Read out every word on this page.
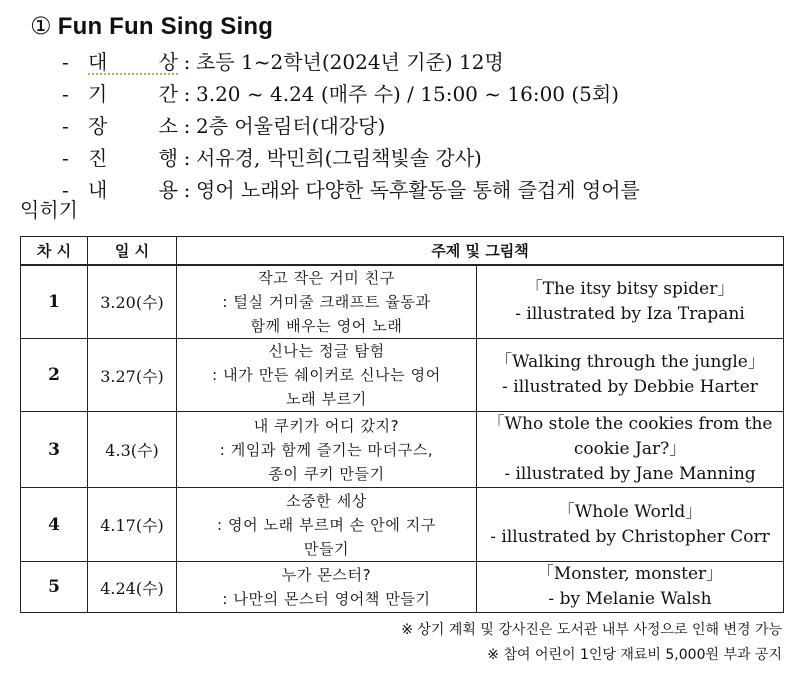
① Fun Fun Sing Sing
- 대 상 : 초등 1~2학년(2024년 기준) 12명
- 기 간 : 3.20 ~ 4.24 (매주 수) / 15:00 ~ 16:00 (5회)
- 장 소 : 2층 어울림터(대강당)
- 진 행 : 서유경, 박민희(그림책빛솔 강사)
- 내 용 : 영어 노래와 다양한 독후활동을 통해 즐겁게 영어를
익히기
차 시	일 시	주제 및 그림책	
1	3.20(수)	작고 작은 거미 친구
: 털실 거미줄 크래프트 율동과
함께 배우는 영어 노래	「The itsy bitsy spider」
- illustrated by Iza Trapani

2	3.27(수)	신나는 정글 탐험
: 내가 만든 쉐이커로 신나는 영어
노래 부르기	「Walking through the jungle」
- illustrated by Debbie Harter

3	4.3(수)	내 쿠키가 어디 갔지?
: 게임과 함께 즐기는 마더구스,
종이 쿠키 만들기	「Who stole the cookies from the
cookie Jar?」
- illustrated by Jane Manning

4	4.17(수)	소중한 세상
: 영어 노래 부르며 손 안에 지구
만들기	「Whole World」
- illustrated by Christopher Corr

5	4.24(수)	누가 몬스터?
: 나만의 몬스터 영어책 만들기	「Monster, monster」
- by Melanie Walsh
※ 상기 계획 및 강사진은 도서관 내부 사정으로 인해 변경 가능
※ 참여 어린이 1인당 재료비 5,000원 부과 공지
